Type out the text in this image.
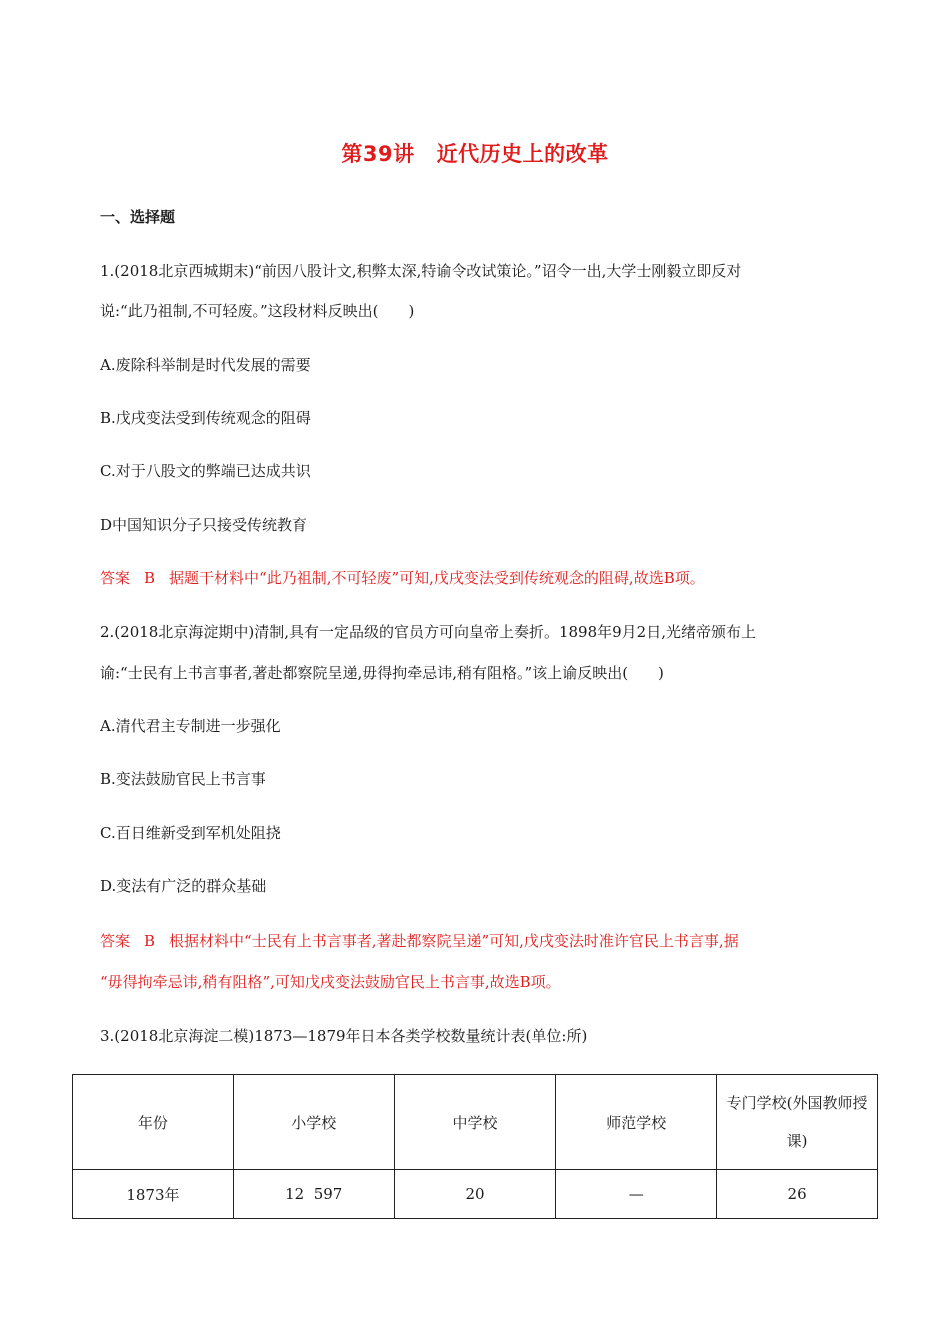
第39讲 近代历史上的改革
一、选择题
1.(2018北京西城期末)“前因八股计文,积弊太深,特谕令改试策论。”诏令一出,大学士刚毅立即反对
说:“此乃祖制,不可轻废。”这段材料反映出(　　)
A.废除科举制是时代发展的需要
B.戊戌变法受到传统观念的阻碍
C.对于八股文的弊端已达成共识
D中国知识分子只接受传统教育
答案 B 据题干材料中“此乃祖制,不可轻废”可知,戊戌变法受到传统观念的阻碍,故选B项。
2.(2018北京海淀期中)清制,具有一定品级的官员方可向皇帝上奏折。1898年9月2日,光绪帝颁布上
谕:“士民有上书言事者,著赴都察院呈递,毋得拘牵忌讳,稍有阻格。”该上谕反映出(　　)
A.清代君主专制进一步强化
B.变法鼓励官民上书言事
C.百日维新受到军机处阻挠
D.变法有广泛的群众基础
答案 B 根据材料中“士民有上书言事者,著赴都察院呈递”可知,戊戌变法时准许官民上书言事,据
“毋得拘牵忌讳,稍有阻格”,可知戊戌变法鼓励官民上书言事,故选B项。
3.(2018北京海淀二模)1873—1879年日本各类学校数量统计表(单位:所)
年份	小学校	中学校	师范学校	专门学校(外国教师授
课)

1873年	12  597	20	—	26
